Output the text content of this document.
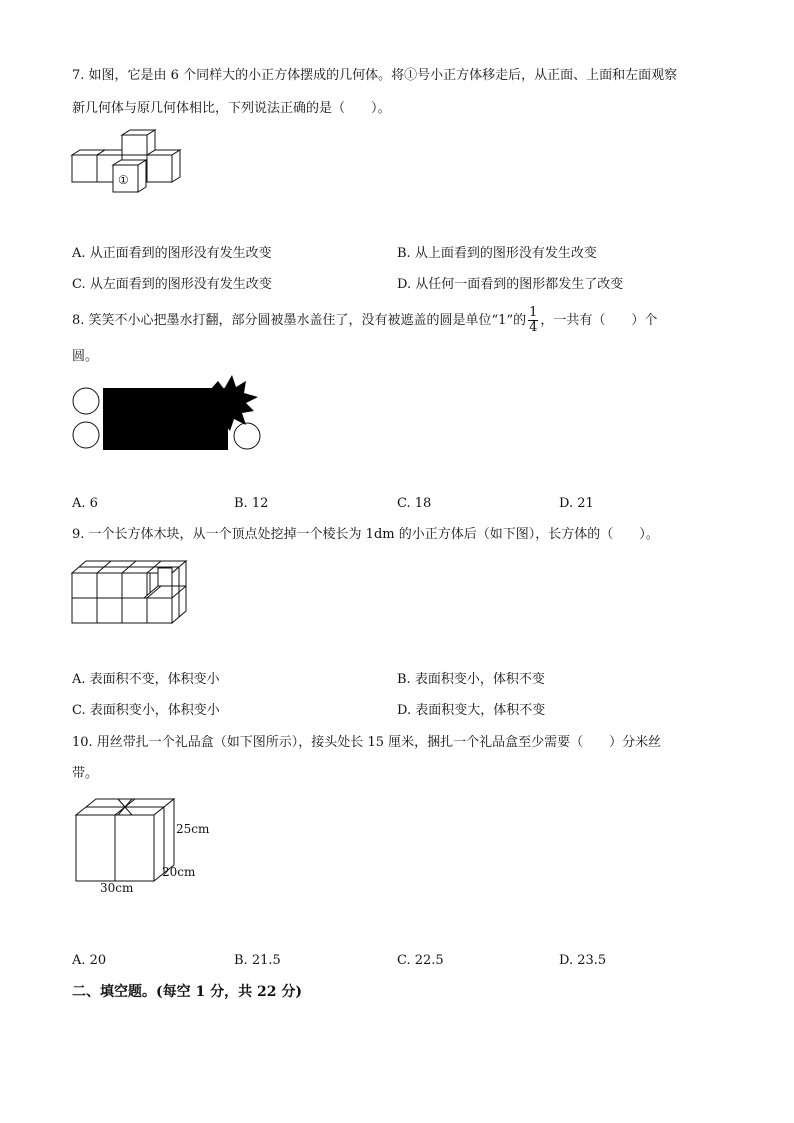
7. 如图，它是由 6 个同样大的小正方体摆成的几何体。将①号小正方体移走后，从正面、上面和左面观察
新几何体与原几何体相比，下列说法正确的是（　　）。
①
A. 从正面看到的图形没有发生改变	B. 从上面看到的图形没有发生改变
C. 从左面看到的图形没有发生改变	D. 从任何一面看到的图形都发生了改变
8. 笑笑不小心把墨水打翻，部分圆被墨水盖住了，没有被遮盖的圆是单位“1”的 $\frac{1}{4}$ ，一共有（　　）个
圆。
A. 6	B. 12	C. 18	D. 21
9. 一个长方体木块，从一个顶点处挖掉一个棱长为 1dm 的小正方体后（如下图），长方体的（　　）。
A. 表面积不变，体积变小	B. 表面积变小，体积不变
C. 表面积变小，体积变小	D. 表面积变大，体积不变
10. 用丝带扎一个礼品盒（如下图所示），接头处长 15 厘米，捆扎一个礼品盒至少需要（　　）分米丝
带。
25cm
20cm
30cm
A. 20	B. 21.5	C. 22.5	D. 23.5
二、填空题。(每空 1 分，共 22 分)
